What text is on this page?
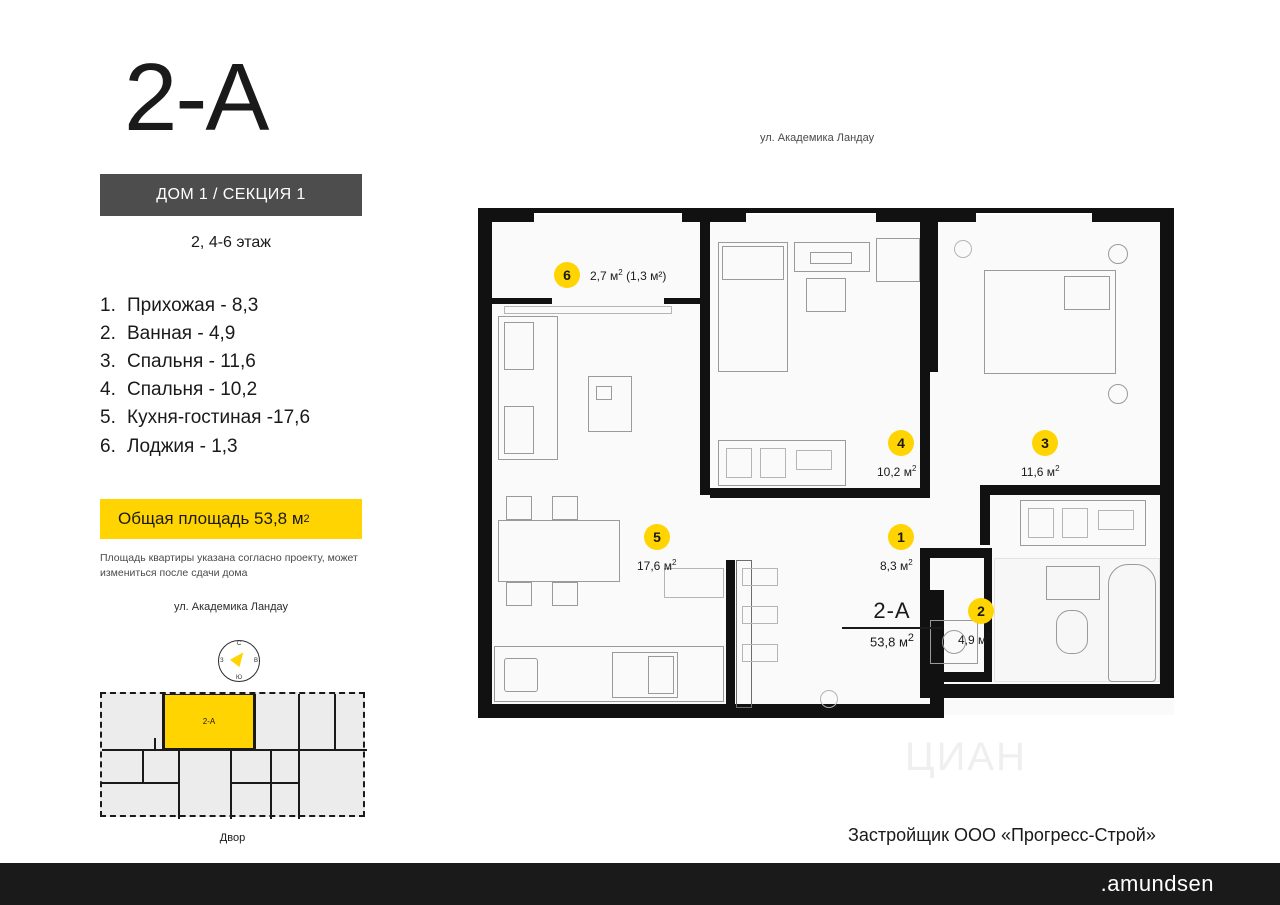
2-A
ДОМ 1 / СЕКЦИЯ 1
2, 4-6 этаж
1. Прихожая - 8,3
2. Ванная - 4,9
3. Спальня - 11,6
4. Спальня - 10,2
5. Кухня-гостиная -17,6
6. Лоджия - 1,3
Общая площадь 53,8 м 2
Площадь квартиры указана согласно проекту, может измениться после сдачи дома
ул. Академика Ландау
С
Ю
З	В
2-А
Двор
ул. Академика Ландау
6	2,7 $м^2$ (1,3 м²)
5
17,6 $м^2$
4
10,2 $м^2$
3
11,6 $м^2$
1
8,3 $м^2$
2
4,9 $м^2$
2-А
53,8 $м^2$
ЦИАН
Застройщик ООО «Прогресс-Строй»
.amundsen
